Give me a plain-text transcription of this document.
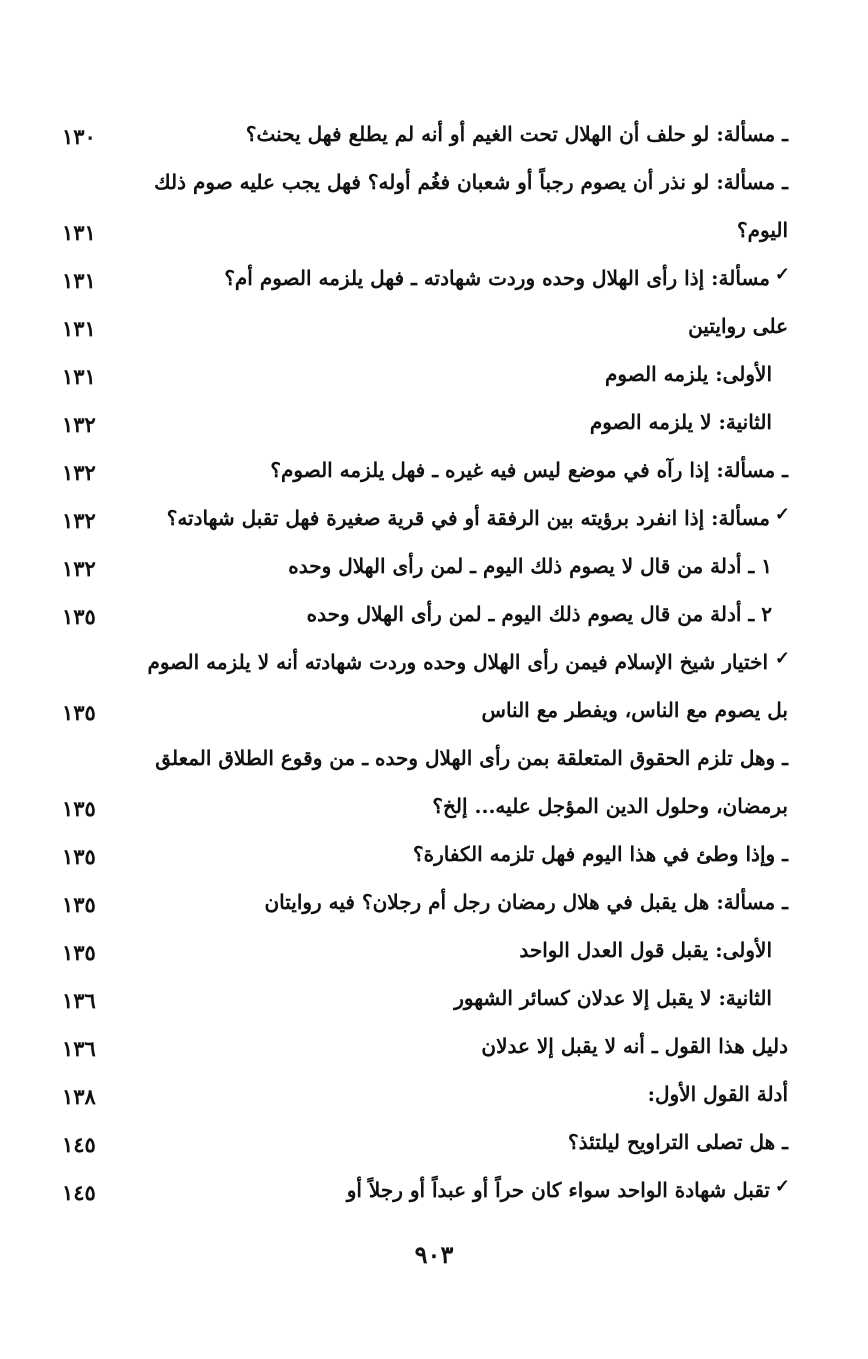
١٣٠	ـ مسألة: لو حلف أن الهلال تحت الغيم أو أنه لم يطلع فهل يحنث؟
ـ مسألة: لو نذر أن يصوم رجباً أو شعبان فغُم أوله؟ فهل يجب عليه صوم ذلك
١٣١	اليوم؟
١٣١	مسألة: إذا رأى الهلال وحده وردت شهادته ـ فهل يلزمه الصوم أم؟ ✓
١٣١	على روايتين
١٣١	الأولى: يلزمه الصوم
١٣٢	الثانية: لا يلزمه الصوم
١٣٢	ـ مسألة: إذا رآه في موضع ليس فيه غيره ـ فهل يلزمه الصوم؟
١٣٢	مسألة: إذا انفرد برؤيته بين الرفقة أو في قرية صغيرة فهل تقبل شهادته؟ ✓
١٣٢	١ ـ أدلة من قال لا يصوم ذلك اليوم ـ لمن رأى الهلال وحده
١٣٥	٢ ـ أدلة من قال يصوم ذلك اليوم ـ لمن رأى الهلال وحده
اختيار شيخ الإسلام فيمن رأى الهلال وحده وردت شهادته أنه لا يلزمه الصوم ✓
١٣٥	بل يصوم مع الناس، ويفطر مع الناس
ـ وهل تلزم الحقوق المتعلقة بمن رأى الهلال وحده ـ من وقوع الطلاق المعلق
١٣٥	برمضان، وحلول الدين المؤجل عليه... إلخ؟
١٣٥	ـ وإذا وطئ في هذا اليوم فهل تلزمه الكفارة؟
١٣٥	ـ مسألة: هل يقبل في هلال رمضان رجل أم رجلان؟ فيه روايتان
١٣٥	الأولى: يقبل قول العدل الواحد
١٣٦	الثانية: لا يقبل إلا عدلان كسائر الشهور
١٣٦	دليل هذا القول ـ أنه لا يقبل إلا عدلان
١٣٨	أدلة القول الأول:
١٤٥	ـ هل تصلى التراويح ليلتئذ؟
١٤٥	تقبل شهادة الواحد سواء كان حراً أو عبداً أو رجلاً أو ✓
٩٠٣
